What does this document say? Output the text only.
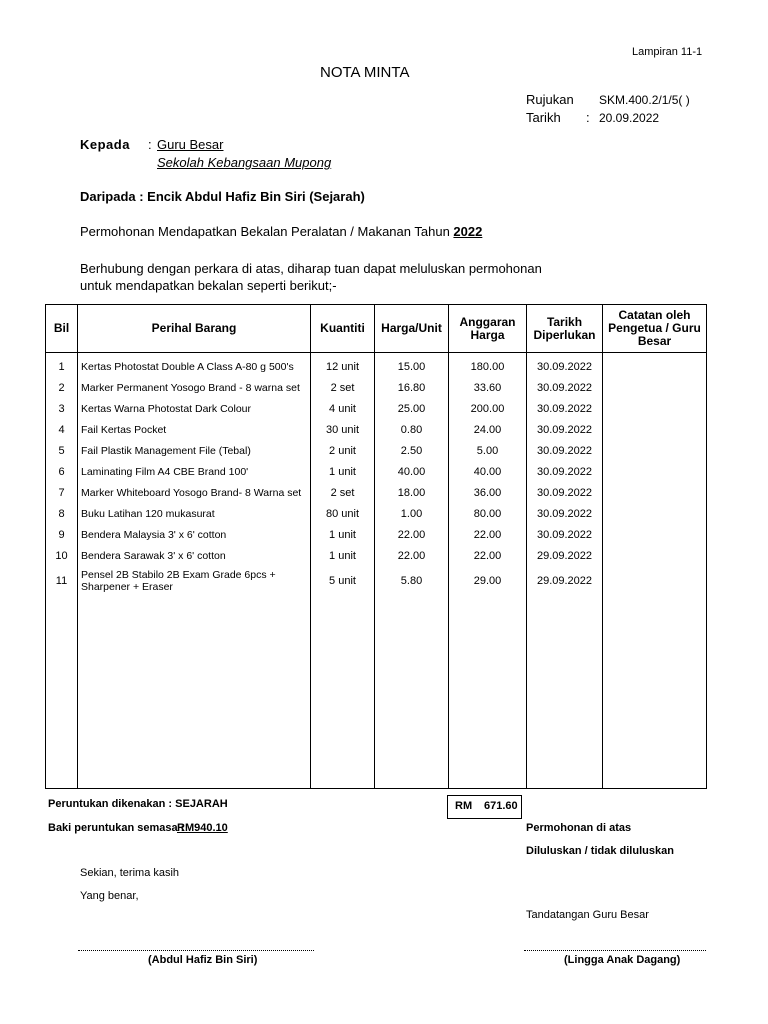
Lampiran 11-1
NOTA MINTA
Rujukan SKM.400.2/1/5( )
Tarikh : 20.09.2022
Kepada : Guru Besar
Sekolah Kebangsaan Mupong
Daripada : Encik Abdul Hafiz Bin Siri (Sejarah)
Permohonan Mendapatkan Bekalan Peralatan / Makanan Tahun 2022
Berhubung dengan perkara di atas, diharap tuan dapat meluluskan permohonan
untuk mendapatkan bekalan seperti berikut;-
Bil	Perihal Barang	Kuantiti	Harga/Unit	Anggaran Harga	Tarikh Diperlukan	Catatan oleh Pengetua / Guru Besar
1	Kertas Photostat Double A Class A-80 g 500's	12 unit	15.00	180.00	30.09.2022	
2	Marker Permanent Yosogo Brand - 8 warna set	2 set	16.80	33.60	30.09.2022	
3	Kertas Warna Photostat Dark Colour	4 unit	25.00	200.00	30.09.2022	
4	Fail Kertas Pocket	30 unit	0.80	24.00	30.09.2022	
5	Fail Plastik Management File (Tebal)	2 unit	2.50	5.00	30.09.2022	
6	Laminating Film A4 CBE Brand 100'	1 unit	40.00	40.00	30.09.2022	
7	Marker Whiteboard Yosogo Brand- 8 Warna set	2 set	18.00	36.00	30.09.2022	
8	Buku Latihan 120 mukasurat	80 unit	1.00	80.00	30.09.2022	
9	Bendera Malaysia 3' x 6' cotton	1 unit	22.00	22.00	30.09.2022	
10	Bendera Sarawak 3' x 6' cotton	1 unit	22.00	22.00	29.09.2022	
11	Pensel 2B Stabilo 2B Exam Grade 6pcs + Sharpener + Eraser	5 unit	5.80	29.00	29.09.2022	

Peruntukan dikenakan : SEJARAH	RM 671.60
Baki peruntukan semasa :
RM940.10	Permohonan di atas
Diluluskan / tidak diluluskan
Sekian, terima kasih
Yang benar,
Tandatangan Guru Besar
(Abdul Hafiz Bin Siri)	(Lingga Anak Dagang)
